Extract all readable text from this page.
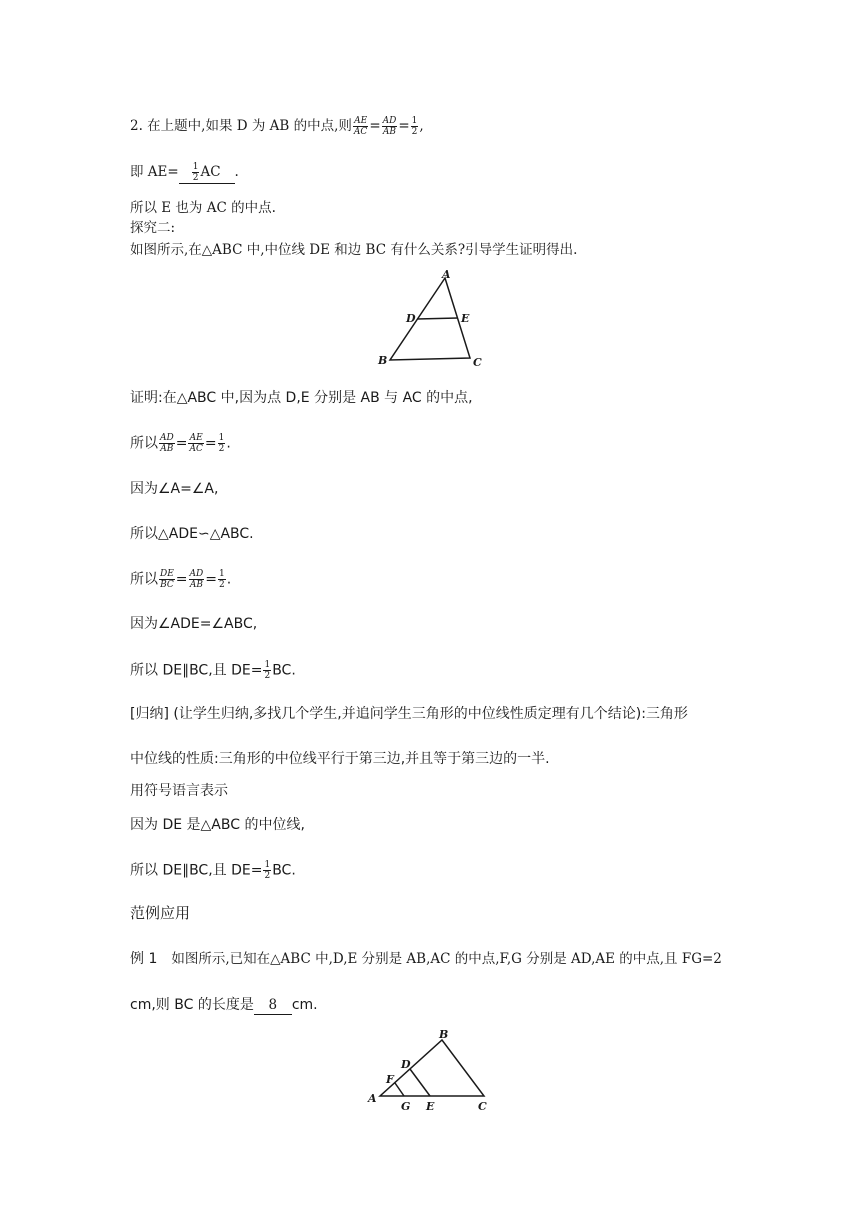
2. 在上题中,如果 D 为 AB 的中点,则 $\frac{AE}{AC} = \frac{AD}{AB} = \frac{1}{2}$ ,
即 $AE= \frac{1}{2}$ AC .
所以 E 也为 AC 的中点.
探究二:
如图所示,在△ABC 中,中位线 DE 和边 BC 有什么关系?引导学生证明得出.
A
B	C
D	E
证明:在△ABC 中,因为点 D,E 分别是 AB 与 AC 的中点,
所以 $\frac{AD}{AB} = \frac{AE}{AC} = \frac{1}{2}$ .
因为∠A=∠A,
所以△ADE∽△ABC.
所以 $\frac{DE}{BC} = \frac{AD}{AB} = \frac{1}{2}$ .
因为∠ADE=∠ABC,
所以 DE∥BC,且 $DE= \frac{1}{2}$ BC.
[归纳] (让学生归纳,多找几个学生,并追问学生三角形的中位线性质定理有几个结论):三角形
中位线的性质:三角形的中位线平行于第三边,并且等于第三边的一半.
用符号语言表示
因为 DE 是△ABC 的中位线,
所以 DE∥BC,且 $DE= \frac{1}{2}$ BC.
范例应用
例 1 如图所示,已知在△ABC 中,D,E 分别是 AB,AC 的中点,F,G 分别是 AD,AE 的中点,且 FG=2
cm,则 BC 的长度是 8 cm.
A
B
C
D
E
F
G
